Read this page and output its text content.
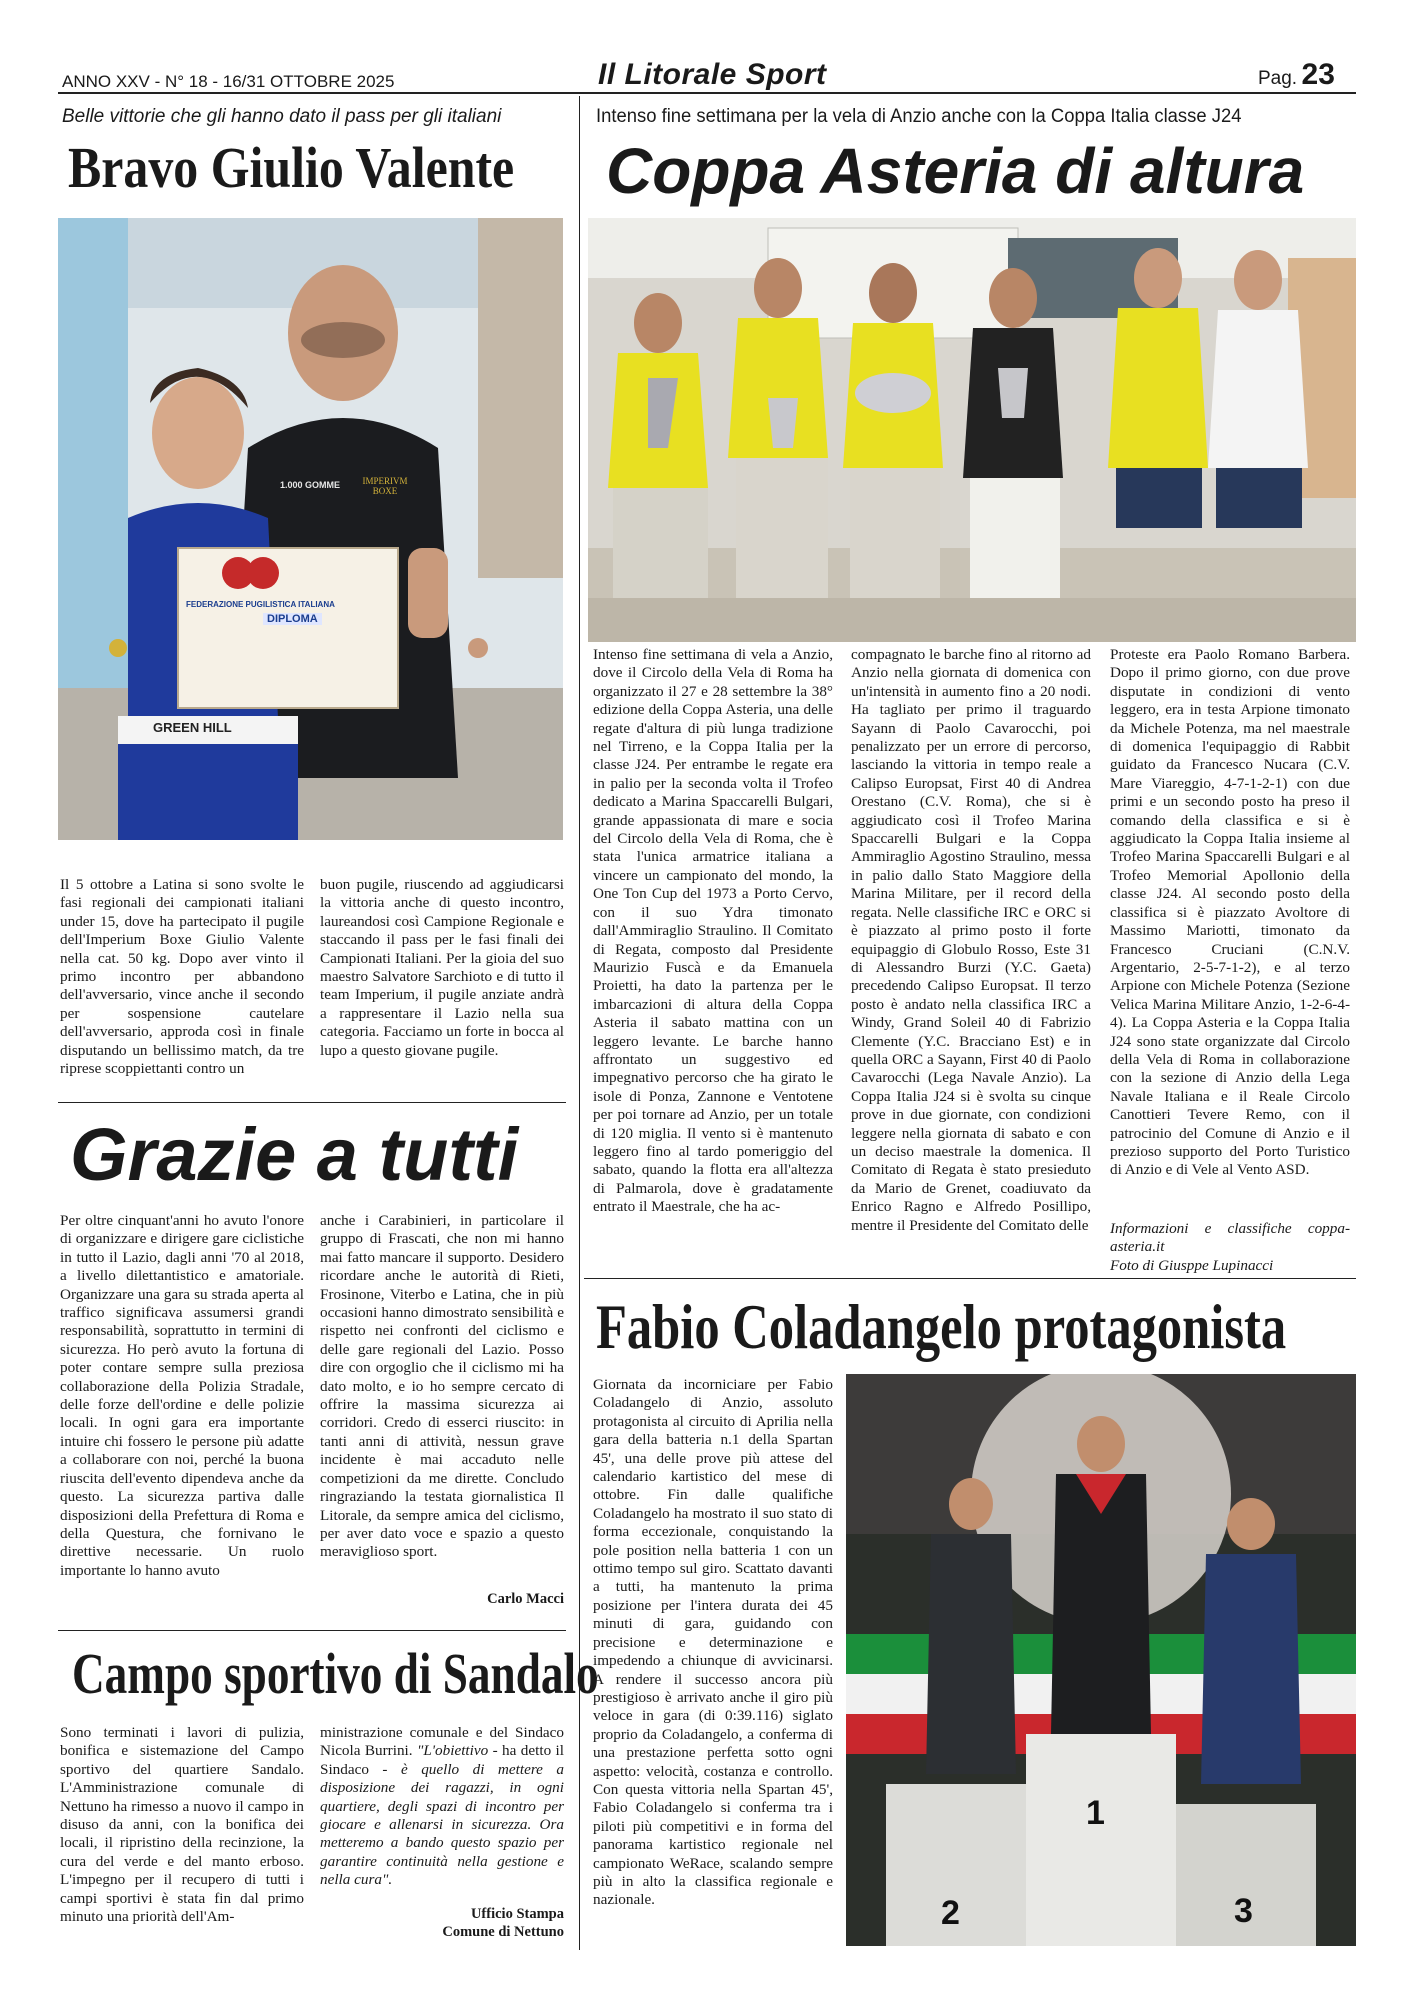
ANNO XXV - N° 18 - 16/31 OTTOBRE 2025	Il Litorale Sport	Pag. 23
Belle vittorie che gli hanno dato il pass per gli italiani
Bravo Giulio Valente
FEDERAZIONE PUGILISTICA ITALIANA
DIPLOMA
IMPERIVM BOXE
1.000 GOMME
GREEN HILL
Il 5 ottobre a Latina si sono svolte le fasi regionali dei campionati italiani under 15, dove ha partecipato il pugile dell'Imperium Boxe Giulio Valente nella cat. 50 kg. Dopo aver vinto il primo incontro per abbandono dell'avversario, vince anche il secondo per sospensione cautelare dell'avversario, approda così in finale disputando un bellissimo match, da tre riprese scoppiettanti contro un
buon pugile, riuscendo ad aggiudicarsi la vittoria anche di questo incontro, laureandosi così Campione Regionale e staccando il pass per le fasi finali dei Campionati Italiani. Per la gioia del suo maestro Salvatore Sarchioto e di tutto il team Imperium, il pugile anziate andrà a rappresentare il Lazio nella sua categoria. Facciamo un forte in bocca al lupo a questo giovane pugile.
Grazie a tutti
Per oltre cinquant'anni ho avuto l'onore di organizzare e dirigere gare ciclistiche in tutto il Lazio, dagli anni '70 al 2018, a livello dilettantistico e amatoriale. Organizzare una gara su strada aperta al traffico significava assumersi grandi responsabilità, soprattutto in termini di sicurezza. Ho però avuto la fortuna di poter contare sempre sulla preziosa collaborazione della Polizia Stradale, delle forze dell'ordine e delle polizie locali. In ogni gara era importante intuire chi fossero le persone più adatte a collaborare con noi, perché la buona riuscita dell'evento dipendeva anche da questo. La sicurezza partiva dalle disposizioni della Prefettura di Roma e della Questura, che fornivano le direttive necessarie. Un ruolo importante lo hanno avuto
anche i Carabinieri, in particolare il gruppo di Frascati, che non mi hanno mai fatto mancare il supporto. Desidero ricordare anche le autorità di Rieti, Frosinone, Viterbo e Latina, che in più occasioni hanno dimostrato sensibilità e rispetto nei confronti del ciclismo e delle gare regionali del Lazio. Posso dire con orgoglio che il ciclismo mi ha dato molto, e io ho sempre cercato di offrire la massima sicurezza ai corridori. Credo di esserci riuscito: in tanti anni di attività, nessun grave incidente è mai accaduto nelle competizioni da me dirette. Concludo ringraziando la testata giornalistica Il Litorale, da sempre amica del ciclismo, per aver dato voce e spazio a questo meraviglioso sport.
Carlo Macci
Campo sportivo di Sandalo
Sono terminati i lavori di pulizia, bonifica e sistemazione del Campo sportivo del quartiere Sandalo. L'Amministrazione comunale di Nettuno ha rimesso a nuovo il campo in disuso da anni, con la bonifica dei locali, il ripristino della recinzione, la cura del verde e del manto erboso. L'impegno per il recupero di tutti i campi sportivi è stata fin dal primo minuto una priorità dell'Am-
ministrazione comunale e del Sindaco Nicola Burrini. "L'obiettivo - ha detto il Sindaco - è quello di mettere a disposizione dei ragazzi, in ogni quartiere, degli spazi di incontro per giocare e allenarsi in sicurezza. Ora metteremo a bando questo spazio per garantire continuità nella gestione e nella cura".
Ufficio Stampa
Comune di Nettuno
Intenso fine settimana per la vela di Anzio anche con la Coppa Italia classe J24
Coppa Asteria di altura
Intenso fine settimana di vela a Anzio, dove il Circolo della Vela di Roma ha organizzato il 27 e 28 settembre la 38° edizione della Coppa Asteria, una delle regate d'altura di più lunga tradizione nel Tirreno, e la Coppa Italia per la classe J24. Per entrambe le regate era in palio per la seconda volta il Trofeo dedicato a Marina Spaccarelli Bulgari, grande appassionata di mare e socia del Circolo della Vela di Roma, che è stata l'unica armatrice italiana a vincere un campionato del mondo, la One Ton Cup del 1973 a Porto Cervo, con il suo Ydra timonato dall'Ammiraglio Straulino. Il Comitato di Regata, composto dal Presidente Maurizio Fuscà e da Emanuela Proietti, ha dato la partenza per le imbarcazioni di altura della Coppa Asteria il sabato mattina con un leggero levante. Le barche hanno affrontato un suggestivo ed impegnativo percorso che ha girato le isole di Ponza, Zannone e Ventotene per poi tornare ad Anzio, per un totale di 120 miglia. Il vento si è mantenuto leggero fino al tardo pomeriggio del sabato, quando la flotta era all'altezza di Palmarola, dove è gradatamente entrato il Maestrale, che ha ac-
compagnato le barche fino al ritorno ad Anzio nella giornata di domenica con un'intensità in aumento fino a 20 nodi. Ha tagliato per primo il traguardo Sayann di Paolo Cavarocchi, poi penalizzato per un errore di percorso, lasciando la vittoria in tempo reale a Calipso Europsat, First 40 di Andrea Orestano (C.V. Roma), che si è aggiudicato così il Trofeo Marina Spaccarelli Bulgari e la Coppa Ammiraglio Agostino Straulino, messa in palio dallo Stato Maggiore della Marina Militare, per il record della regata. Nelle classifiche IRC e ORC si è piazzato al primo posto il forte equipaggio di Globulo Rosso, Este 31 di Alessandro Burzi (Y.C. Gaeta) precedendo Calipso Europsat. Il terzo posto è andato nella classifica IRC a Windy, Grand Soleil 40 di Fabrizio Clemente (Y.C. Bracciano Est) e in quella ORC a Sayann, First 40 di Paolo Cavarocchi (Lega Navale Anzio). La Coppa Italia J24 si è svolta su cinque prove in due giornate, con condizioni leggere nella giornata di sabato e con un deciso maestrale la domenica. Il Comitato di Regata è stato presieduto da Mario de Grenet, coadiuvato da Enrico Ragno e Alfredo Posillipo, mentre il Presidente del Comitato delle
Proteste era Paolo Romano Barbera. Dopo il primo giorno, con due prove disputate in condizioni di vento leggero, era in testa Arpione timonato da Michele Potenza, ma nel maestrale di domenica l'equipaggio di Rabbit guidato da Francesco Nucara (C.V. Mare Viareggio, 4-7-1-2-1) con due primi e un secondo posto ha preso il comando della classifica e si è aggiudicato la Coppa Italia insieme al Trofeo Marina Spaccarelli Bulgari e al Trofeo Memorial Apollonio della classe J24. Al secondo posto della classifica si è piazzato Avoltore di Massimo Mariotti, timonato da Francesco Cruciani (C.N.V. Argentario, 2-5-7-1-2), e al terzo Arpione con Michele Potenza (Sezione Velica Marina Militare Anzio, 1-2-6-4-4). La Coppa Asteria e la Coppa Italia J24 sono state organizzate dal Circolo della Vela di Roma in collaborazione con la sezione di Anzio della Lega Navale Italiana e il Reale Circolo Canottieri Tevere Remo, con il patrocinio del Comune di Anzio e il prezioso supporto del Porto Turistico di Anzio e di Vele al Vento ASD.

Informazioni e classifiche coppa-asteria.it

Foto di Giusppe Lupinacci

Fabio Coladangelo protagonista
Giornata da incorniciare per Fabio Coladangelo di Anzio, assoluto protagonista al circuito di Aprilia nella gara della batteria n.1 della Spartan 45', una delle prove più attese del calendario kartistico del mese di ottobre. Fin dalle qualifiche Coladangelo ha mostrato il suo stato di forma eccezionale, conquistando la pole position nella batteria 1 con un ottimo tempo sul giro. Scattato davanti a tutti, ha mantenuto la prima posizione per l'intera durata dei 45 minuti di gara, guidando con precisione e determinazione e impedendo a chiunque di avvicinarsi. A rendere il successo ancora più prestigioso è arrivato anche il giro più veloce in gara (di 0:39.116) siglato proprio da Coladangelo, a conferma di una prestazione perfetta sotto ogni aspetto: velocità, costanza e controllo. Con questa vittoria nella Spartan 45', Fabio Coladangelo si conferma tra i piloti più competitivi e in forma del panorama kartistico regionale nel campionato WeRace, scalando sempre più in alto la classifica regionale e nazionale.
1
2	3
